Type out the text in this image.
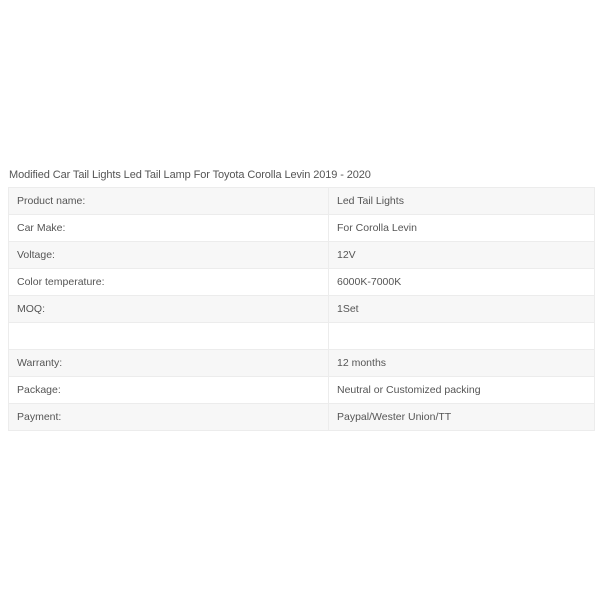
Modified Car Tail Lights Led Tail Lamp For Toyota Corolla Levin 2019 - 2020
Product name:	Led Tail Lights
Car Make:	For Corolla Levin
Voltage:	12V
Color temperature:	6000K-7000K
MOQ:	1Set

Warranty:	12 months
Package:	Neutral or Customized packing
Payment:	Paypal/Wester Union/TT
